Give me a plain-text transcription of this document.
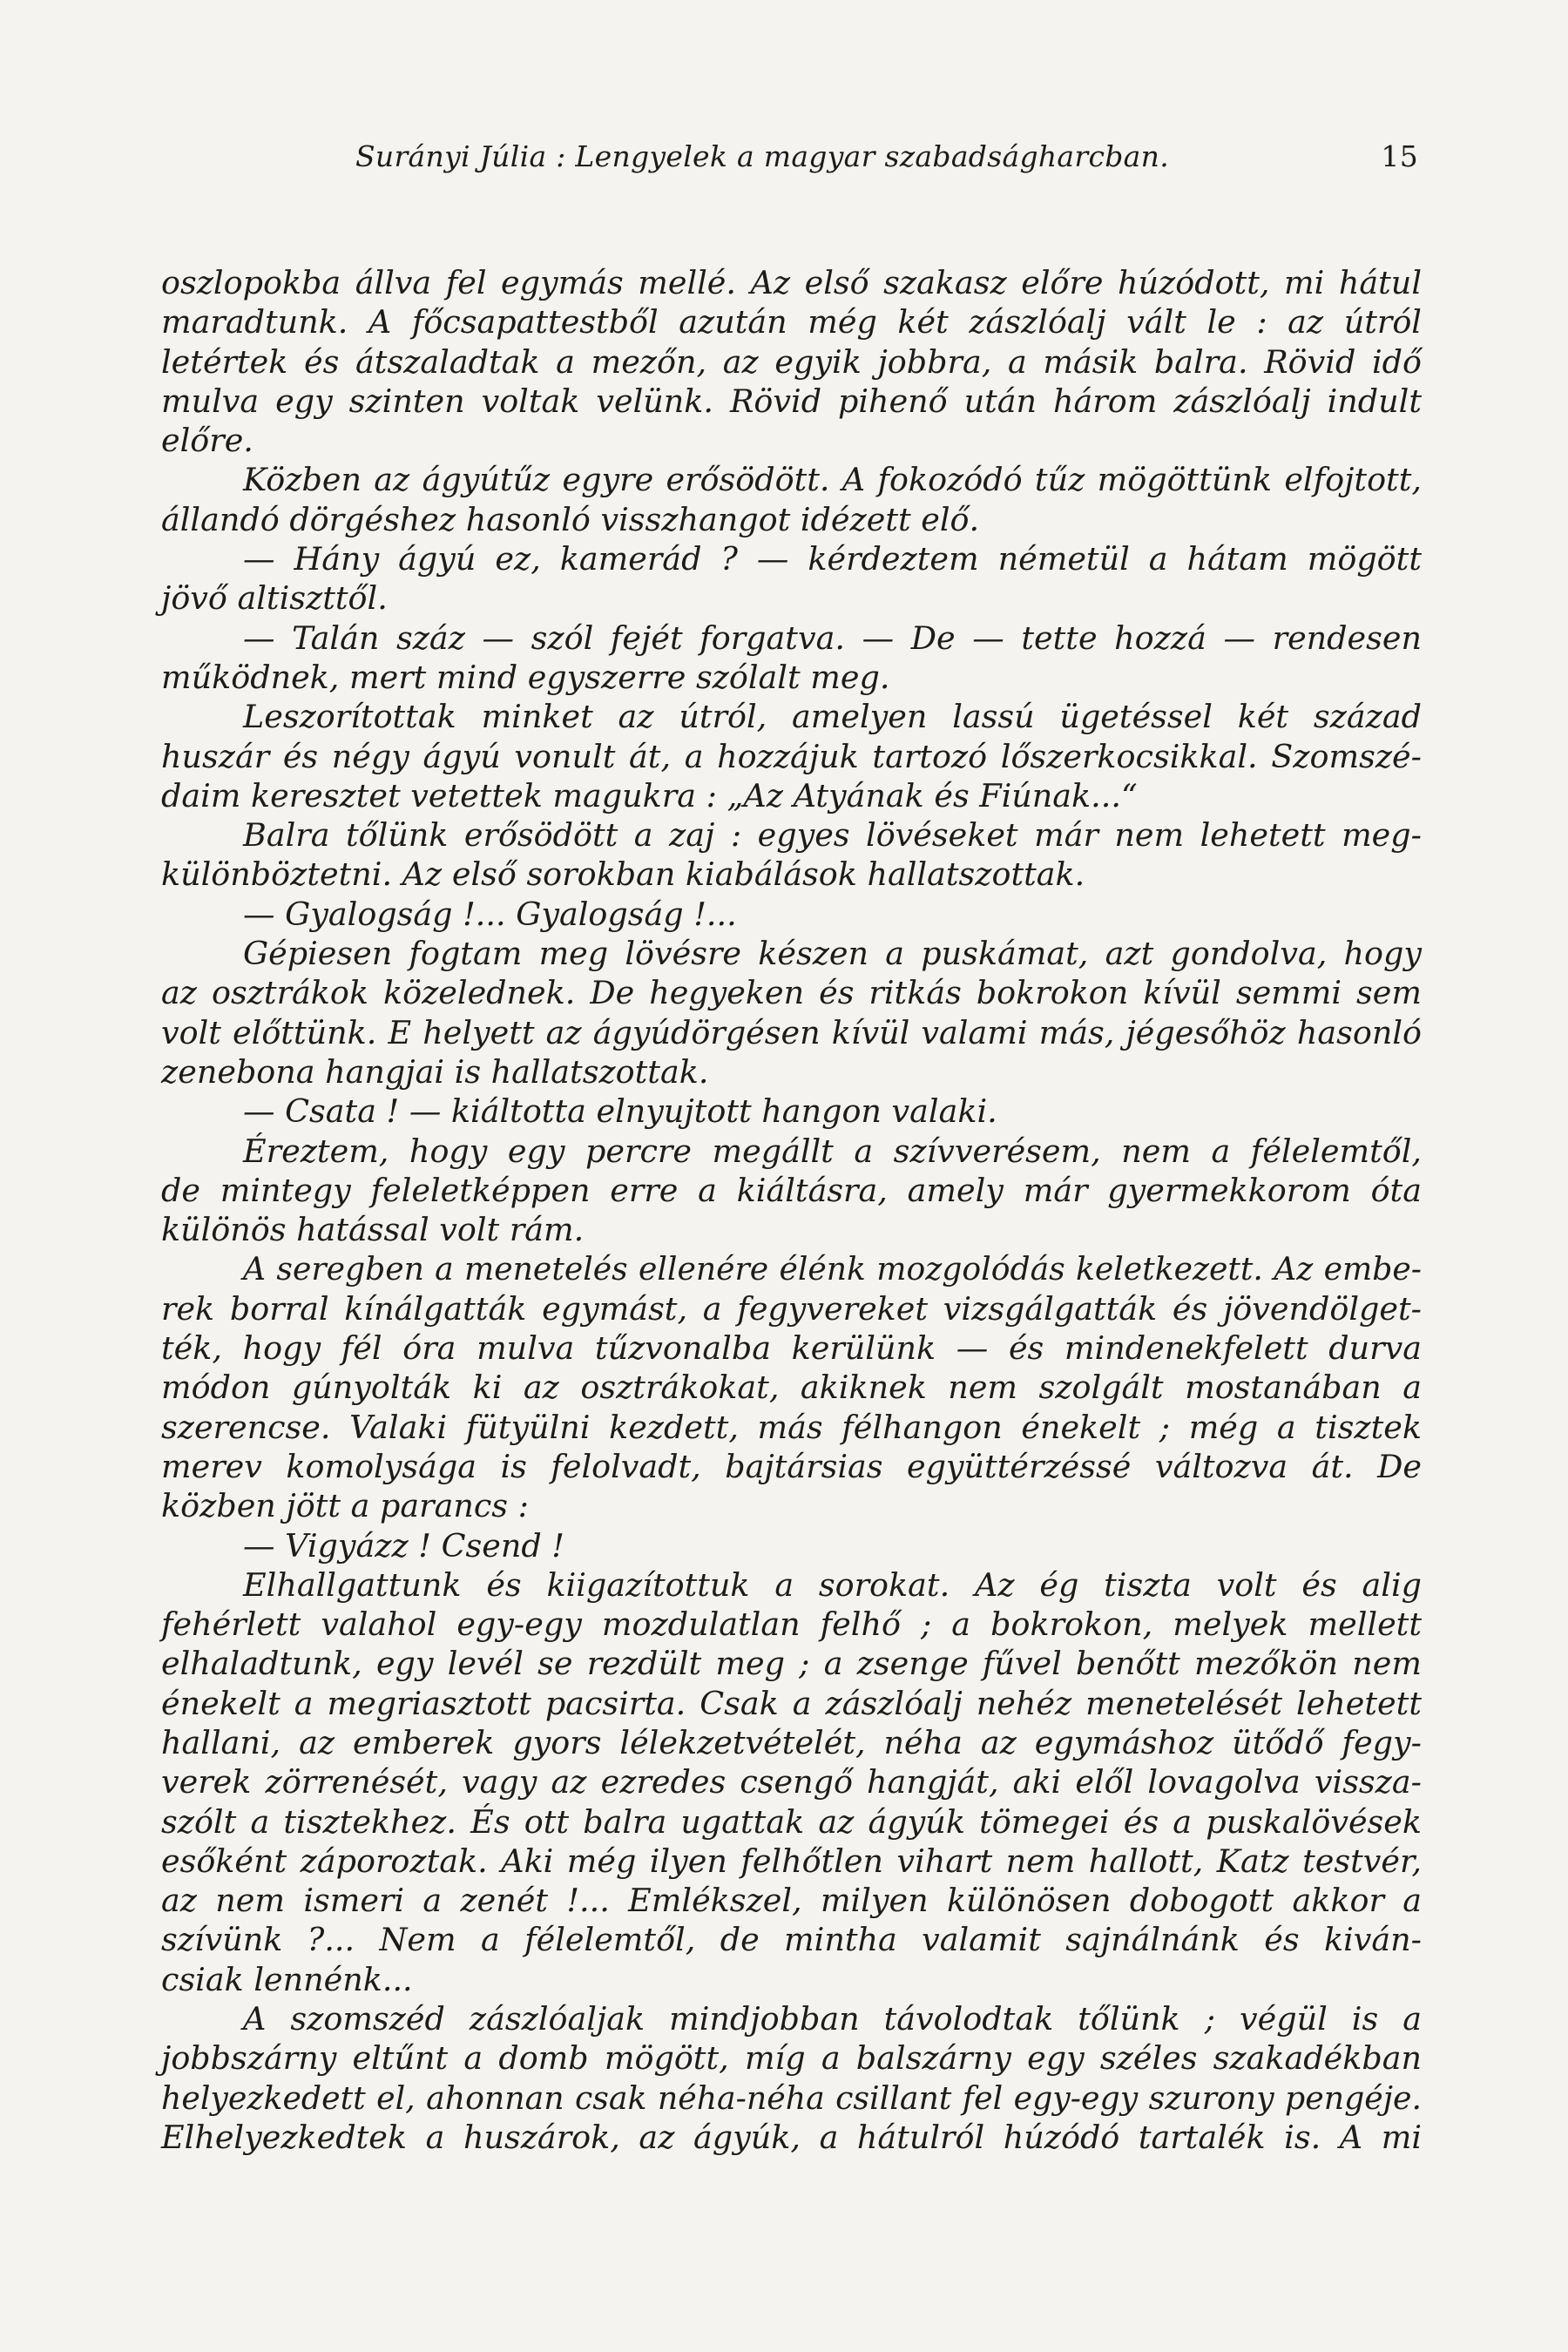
Surányi Júlia : Lengyelek a magyar szabadságharcban.	15
oszlopokba állva fel egymás mellé. Az első szakasz előre húzódott, mi hátul
maradtunk. A főcsapattestből azután még két zászlóalj vált le : az útról
letértek és átszaladtak a mezőn, az egyik jobbra, a másik balra. Rövid idő
mulva egy szinten voltak velünk. Rövid pihenő után három zászlóalj indult
előre.
Közben az ágyútűz egyre erősödött. A fokozódó tűz mögöttünk elfojtott,
állandó dörgéshez hasonló visszhangot idézett elő.
— Hány ágyú ez, kamerád ? — kérdeztem németül a hátam mögött
jövő altiszttől.
— Talán száz — szól fejét forgatva. — De — tette hozzá — rendesen
működnek, mert mind egyszerre szólalt meg.
Leszorítottak minket az útról, amelyen lassú ügetéssel két század
huszár és négy ágyú vonult át, a hozzájuk tartozó lőszerkocsikkal. Szomszé-
daim keresztet vetettek magukra : „Az Atyának és Fiúnak...“
Balra tőlünk erősödött a zaj : egyes lövéseket már nem lehetett meg-
különböztetni. Az első sorokban kiabálások hallatszottak.
— Gyalogság !... Gyalogság !...
Gépiesen fogtam meg lövésre készen a puskámat, azt gondolva, hogy
az osztrákok közelednek. De hegyeken és ritkás bokrokon kívül semmi sem
volt előttünk. E helyett az ágyúdörgésen kívül valami más, jégesőhöz hasonló
zenebona hangjai is hallatszottak.
— Csata ! — kiáltotta elnyujtott hangon valaki.
Éreztem, hogy egy percre megállt a szívverésem, nem a félelemtől,
de mintegy feleletképpen erre a kiáltásra, amely már gyermekkorom óta
különös hatással volt rám.
A seregben a menetelés ellenére élénk mozgolódás keletkezett. Az embe-
rek borral kínálgatták egymást, a fegyvereket vizsgálgatták és jövendölget-
ték, hogy fél óra mulva tűzvonalba kerülünk — és mindenekfelett durva
módon gúnyolták ki az osztrákokat, akiknek nem szolgált mostanában a
szerencse. Valaki fütyülni kezdett, más félhangon énekelt ; még a tisztek
merev komolysága is felolvadt, bajtársias együttérzéssé változva át. De
közben jött a parancs :
— Vigyázz ! Csend !
Elhallgattunk és kiigazítottuk a sorokat. Az ég tiszta volt és alig
fehérlett valahol egy-egy mozdulatlan felhő ; a bokrokon, melyek mellett
elhaladtunk, egy levél se rezdült meg ; a zsenge fűvel benőtt mezőkön nem
énekelt a megriasztott pacsirta. Csak a zászlóalj nehéz menetelését lehetett
hallani, az emberek gyors lélekzetvételét, néha az egymáshoz ütődő fegy-
verek zörrenését, vagy az ezredes csengő hangját, aki elől lovagolva vissza-
szólt a tisztekhez. És ott balra ugattak az ágyúk tömegei és a puskalövések
esőként záporoztak. Aki még ilyen felhőtlen vihart nem hallott, Katz testvér,
az nem ismeri a zenét !... Emlékszel, milyen különösen dobogott akkor a
szívünk ?... Nem a félelemtől, de mintha valamit sajnálnánk és kiván-
csiak lennénk...
A szomszéd zászlóaljak mindjobban távolodtak tőlünk ; végül is a
jobbszárny eltűnt a domb mögött, míg a balszárny egy széles szakadékban
helyezkedett el, ahonnan csak néha-néha csillant fel egy-egy szurony pengéje.
Elhelyezkedtek a huszárok, az ágyúk, a hátulról húzódó tartalék is. A mi
